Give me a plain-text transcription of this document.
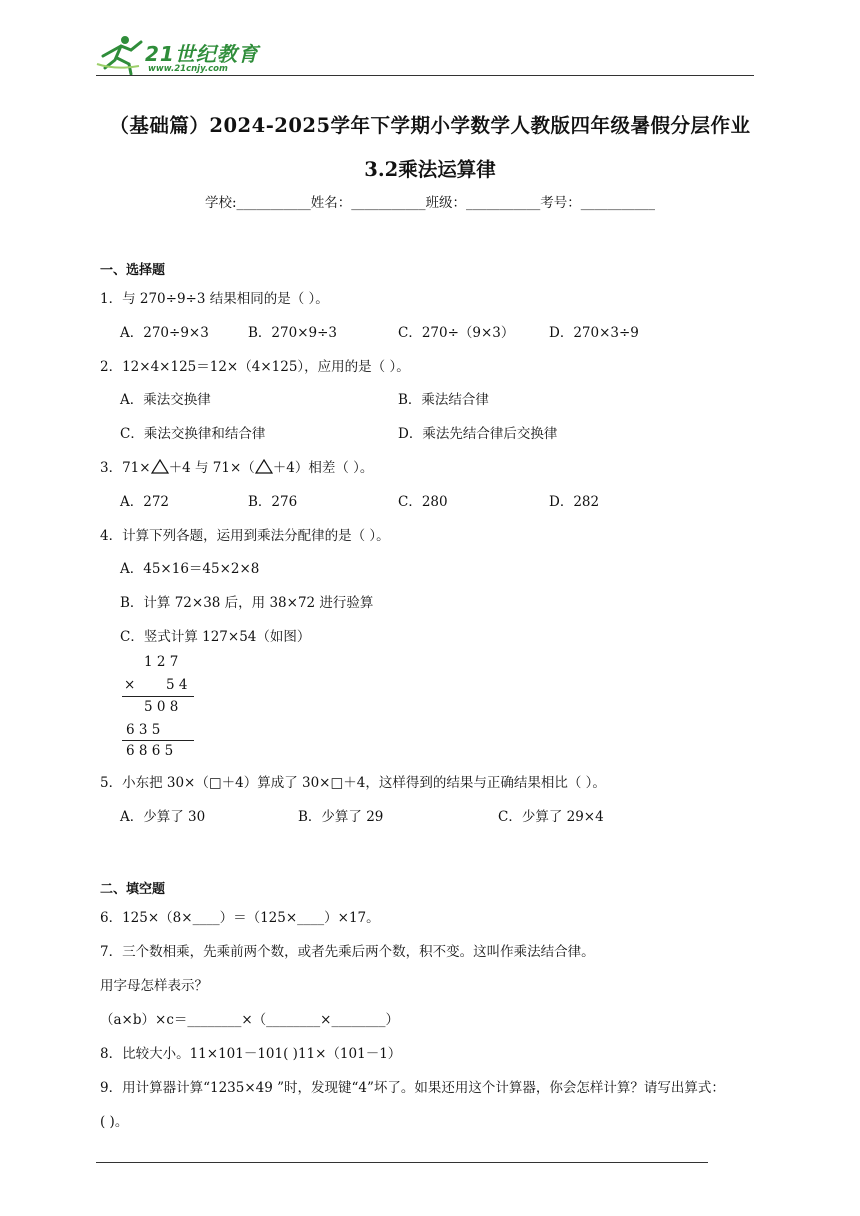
21世纪教育
www.21cnjy.com
（基础篇）2024-2025学年下学期小学数学人教版四年级暑假分层作业
3.2乘法运算律
学校:___________姓名：___________班级：___________考号：___________
一、选择题
1．与 270÷9÷3 结果相同的是（ ）。
A．270÷9×3	B．270×9÷3	C．270÷（9×3）	D．270×3÷9
2．12×4×125＝12×（4×125），应用的是（ ）。
A．乘法交换律	B．乘法结合律
C．乘法交换律和结合律	D．乘法先结合律后交换律
3．71× ＋4 与 71×（ ＋4）相差（ ）。
A．272	B．276	C．280	D．282
4．计算下列各题，运用到乘法分配律的是（ ）。
A．45×16＝45×2×8
B．计算 72×38 后，用 38×72 进行验算
C．竖式计算 127×54（如图）
1 2 7
× 5 4
5 0 8
6 3 5
6 8 6 5
5．小东把 30×（□＋4）算成了 30×□＋4，这样得到的结果与正确结果相比（ ）。
A．少算了 30	B．少算了 29	C．少算了 29×4
二、填空题
6．125×（8×____）＝（125×____）×17。
7．三个数相乘，先乘前两个数，或者先乘后两个数，积不变。这叫作乘法结合律。
用字母怎样表示？
（a×b）×c＝________×（________×________）
8．比较大小。11×101－101( )11×（101－1）
9．用计算器计算“1235×49 ”时，发现键“4”坏了。如果还用这个计算器，你会怎样计算？请写出算式：
( )。
